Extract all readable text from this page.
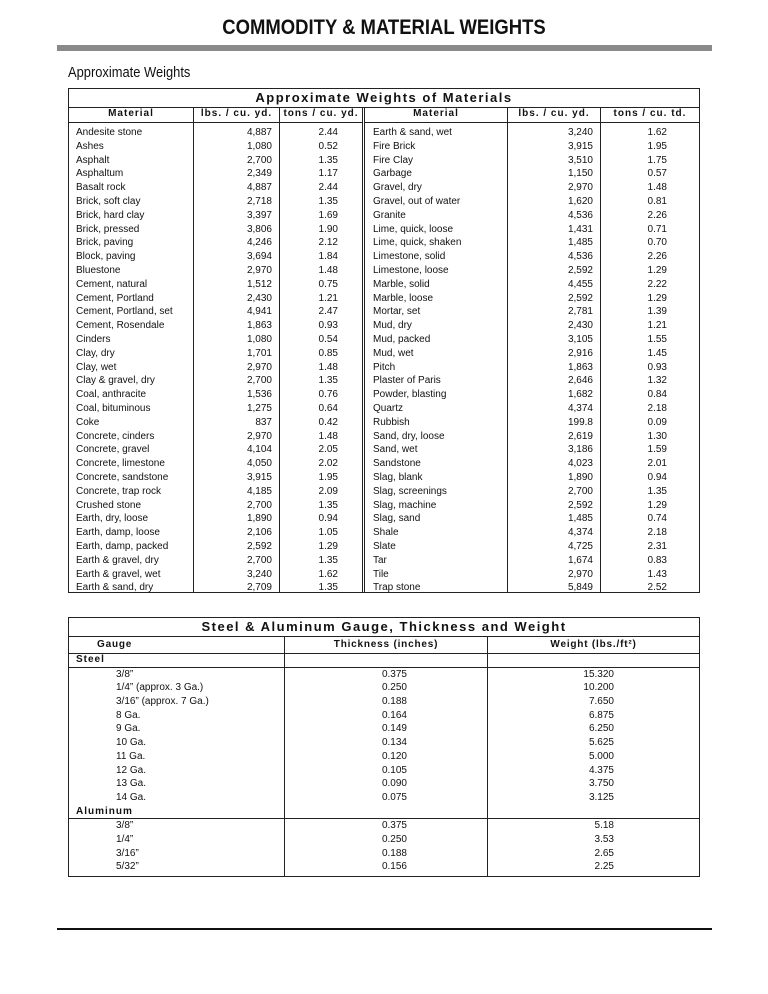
COMMODITY & MATERIAL WEIGHTS
Approximate Weights
Approximate Weights of Materials
Material
Andesite stone
Ashes
Asphalt
Asphaltum
Basalt rock
Brick, soft clay
Brick, hard clay
Brick, pressed
Brick, paving
Block, paving
Bluestone
Cement, natural
Cement, Portland
Cement, Portland, set
Cement, Rosendale
Cinders
Clay, dry
Clay, wet
Clay & gravel, dry
Coal, anthracite
Coal, bituminous
Coke
Concrete, cinders
Concrete, gravel
Concrete, limestone
Concrete, sandstone
Concrete, trap rock
Crushed stone
Earth, dry, loose
Earth, damp, loose
Earth, damp, packed
Earth & gravel, dry
Earth & gravel, wet
Earth & sand, dry
lbs. / cu. yd.
4,887
1,080
2,700
2,349
4,887
2,718
3,397
3,806
4,246
3,694
2,970
1,512
2,430
4,941
1,863
1,080
1,701
2,970
2,700
1,536
1,275
837
2,970
4,104
4,050
3,915
4,185
2,700
1,890
2,106
2,592
2,700
3,240
2,709
tons / cu. yd.
2.44
0.52
1.35
1.17
2.44
1.35
1.69
1.90
2.12
1.84
1.48
0.75
1.21
2.47
0.93
0.54
0.85
1.48
1.35
0.76
0.64
0.42
1.48
2.05
2.02
1.95
2.09
1.35
0.94
1.05
1.29
1.35
1.62
1.35
Material
Earth & sand, wet
Fire Brick
Fire Clay
Garbage
Gravel, dry
Gravel, out of water
Granite
Lime, quick, loose
Lime, quick, shaken
Limestone, solid
Limestone, loose
Marble, solid
Marble, loose
Mortar, set
Mud, dry
Mud, packed
Mud, wet
Pitch
Plaster of Paris
Powder, blasting
Quartz
Rubbish
Sand, dry, loose
Sand, wet
Sandstone
Slag, blank
Slag, screenings
Slag, machine
Slag, sand
Shale
Slate
Tar
Tile
Trap stone
lbs. / cu. yd.
3,240
3,915
3,510
1,150
2,970
1,620
4,536
1,431
1,485
4,536
2,592
4,455
2,592
2,781
2,430
3,105
2,916
1,863
2,646
1,682
4,374
199.8
2,619
3,186
4,023
1,890
2,700
2,592
1,485
4,374
4,725
1,674
2,970
5,849
tons / cu. td.
1.62
1.95
1.75
0.57
1.48
0.81
2.26
0.71
0.70
2.26
1.29
2.22
1.29
1.39
1.21
1.55
1.45
0.93
1.32
0.84
2.18
0.09
1.30
1.59
2.01
0.94
1.35
1.29
0.74
2.18
2.31
0.83
1.43
2.52
Steel & Aluminum Gauge, Thickness and Weight
Gauge	Thickness (inches)	Weight (lbs./ft²)
Steel
3/8”
1/4” (approx. 3 Ga.)
3/16” (approx. 7 Ga.)
8 Ga.
9 Ga.
10 Ga.
11 Ga.
12 Ga.
13 Ga.
14 Ga.
Aluminum
3/8”
1/4”
3/16”
5/32”
0.375
0.250
0.188
0.164
0.149
0.134
0.120
0.105
0.090
0.075
0.375
0.250
0.188
0.156
15.320
10.200
7.650
6.875
6.250
5.625
5.000
4.375
3.750
3.125
5.18
3.53
2.65
2.25
